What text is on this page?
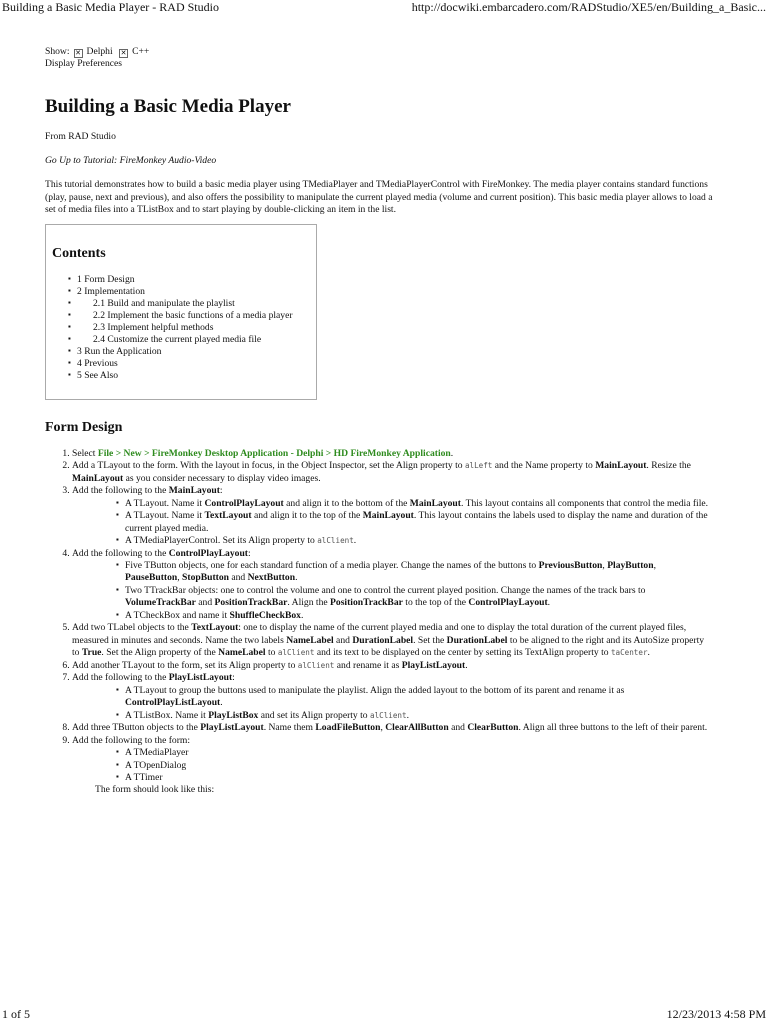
Building a Basic Media Player - RAD Studio	http://docwiki.embarcadero.com/RADStudio/XE5/en/Building_a_Basic...
Show: ✕ Delphi ✕ C++
Display Preferences
Building a Basic Media Player
From RAD Studio
Go Up to Tutorial: FireMonkey Audio-Video
This tutorial demonstrates how to build a basic media player using TMediaPlayer and TMediaPlayerControl with FireMonkey. The media player contains standard functions (play, pause, next and previous), and also offers the possibility to manipulate the current played media (volume and current position). This basic media player allows to load a set of media files into a TListBox and to start playing by double-clicking an item in the list.
Contents
▪ 1 Form Design
▪ 2 Implementation
▪ 2.1 Build and manipulate the playlist
▪ 2.2 Implement the basic functions of a media player
▪ 2.3 Implement helpful methods
▪ 2.4 Customize the current played media file
▪ 3 Run the Application
▪ 4 Previous
▪ 5 See Also
Form Design
1. Select File > New > FireMonkey Desktop Application - Delphi > HD FireMonkey Application.
2. Add a TLayout to the form. With the layout in focus, in the Object Inspector, set the Align property to alLeft and the Name property to MainLayout. Resize the MainLayout as you consider necessary to display video images.
3. Add the following to the MainLayout:
▪ A TLayout. Name it ControlPlayLayout and align it to the bottom of the MainLayout. This layout contains all components that control the media file.
▪ A TLayout. Name it TextLayout and align it to the top of the MainLayout. This layout contains the labels used to display the name and duration of the current played media.
▪ A TMediaPlayerControl. Set its Align property to alClient.
4. Add the following to the ControlPlayLayout:
▪ Five TButton objects, one for each standard function of a media player. Change the names of the buttons to PreviousButton, PlayButton, PauseButton, StopButton and NextButton.
▪ Two TTrackBar objects: one to control the volume and one to control the current played position. Change the names of the track bars to VolumeTrackBar and PositionTrackBar. Align the PositionTrackBar to the top of the ControlPlayLayout.
▪ A TCheckBox and name it ShuffleCheckBox.
5. Add two TLabel objects to the TextLayout: one to display the name of the current played media and one to display the total duration of the current played files, measured in minutes and seconds. Name the two labels NameLabel and DurationLabel. Set the DurationLabel to be aligned to the right and its AutoSize property to True. Set the Align property of the NameLabel to alClient and its text to be displayed on the center by setting its TextAlign property to taCenter.
6. Add another TLayout to the form, set its Align property to alClient and rename it as PlayListLayout.
7. Add the following to the PlayListLayout:
▪ A TLayout to group the buttons used to manipulate the playlist. Align the added layout to the bottom of its parent and rename it as ControlPlayListLayout.
▪ A TListBox. Name it PlayListBox and set its Align property to alClient.
8. Add three TButton objects to the PlayListLayout. Name them LoadFileButton, ClearAllButton and ClearButton. Align all three buttons to the left of their parent.
9. Add the following to the form:
▪ A TMediaPlayer
▪ A TOpenDialog
▪ A TTimer
The form should look like this:
1 of 5	12/23/2013 4:58 PM
